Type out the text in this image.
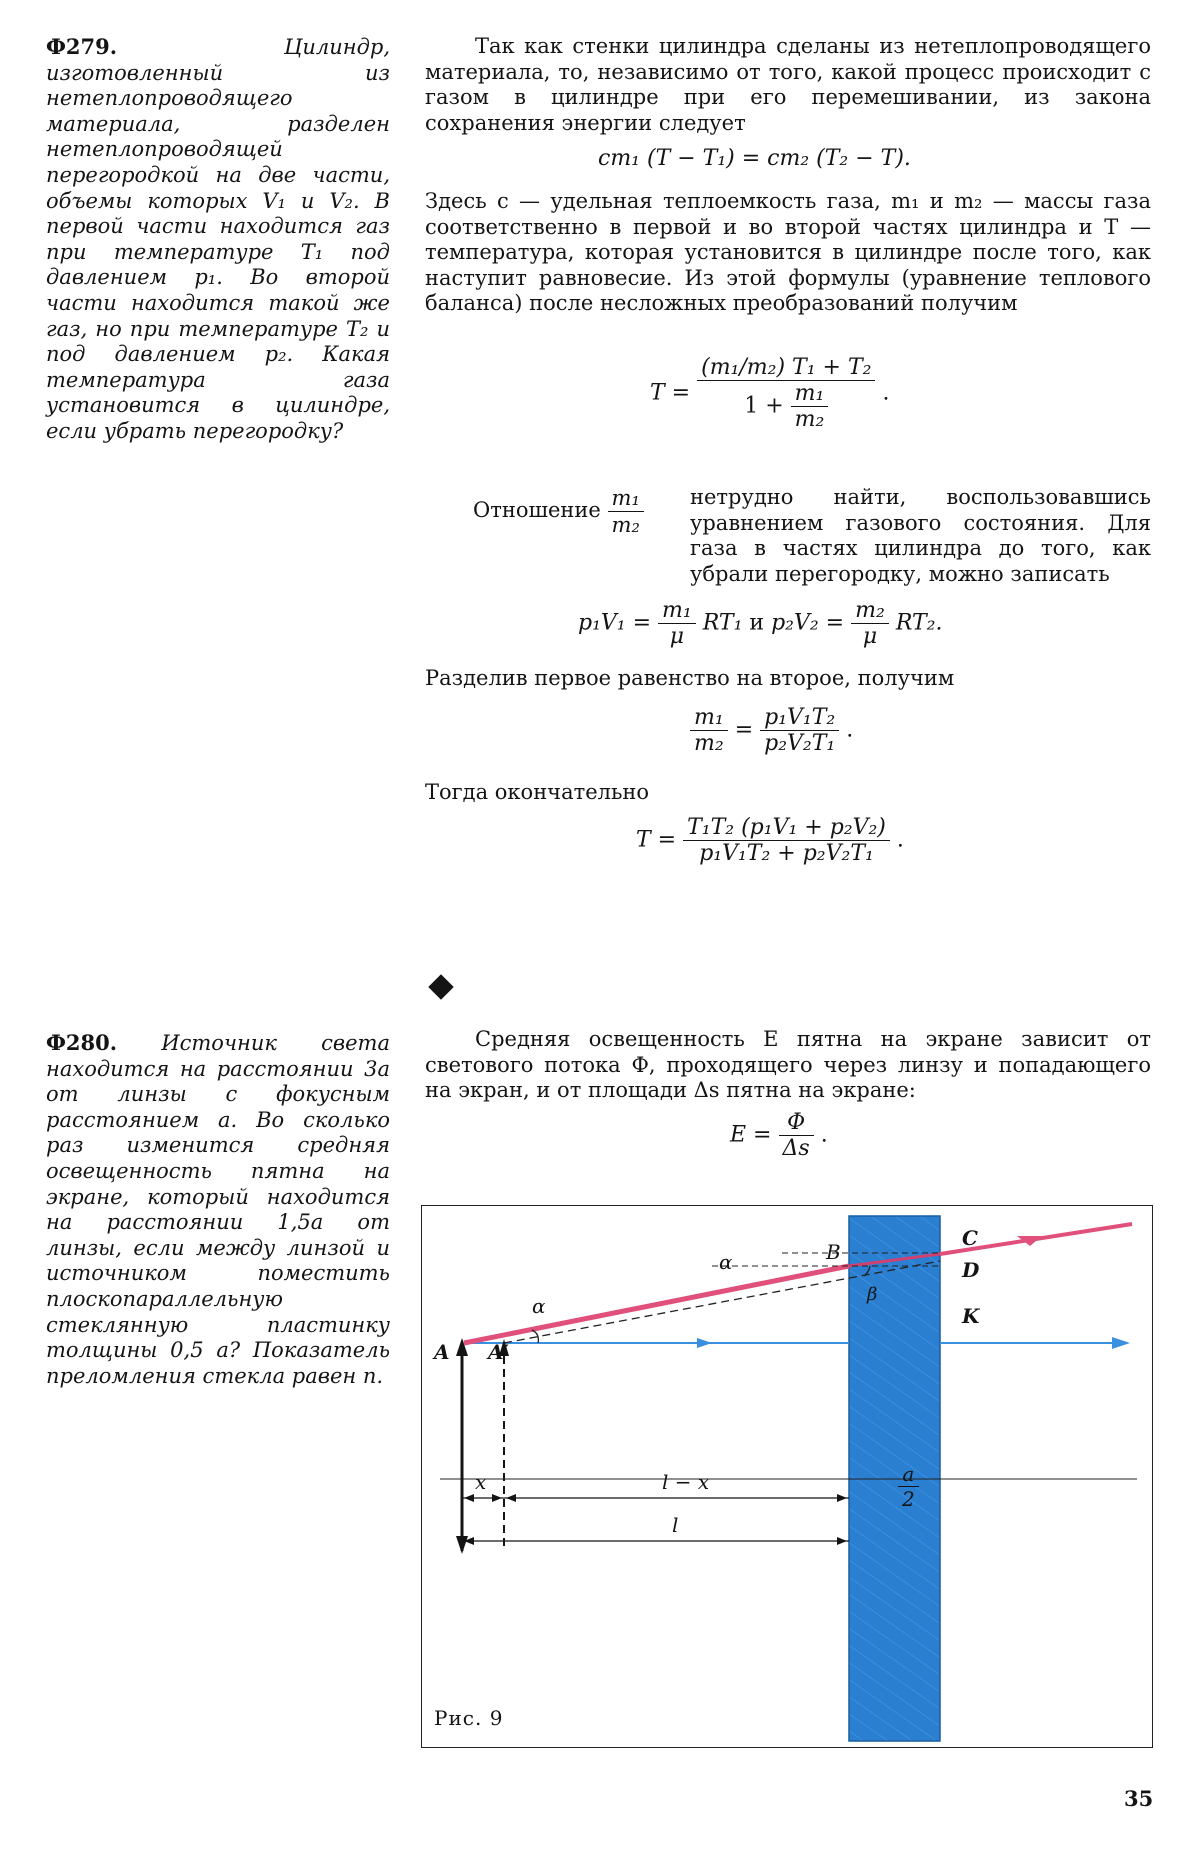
Ф279.	Цилиндр, изготовленный из нетеплопроводящего материала, разделен нетеплопроводящей перегородкой на две части, объемы которых V₁ и V₂. В первой части находится газ при температуре T₁ под давлением p₁. Во второй части находится такой же газ, но при температуре T₂ и под давлением p₂. Какая температура газа установится в цилиндре, если убрать перегородку?
Так как стенки цилиндра сделаны из нетеплопроводящего материала, то, независимо от того, какой процесс происходит с газом в цилиндре при его перемешивании, из закона сохранения энергии следует
cm₁ (T − T₁) = cm₂ (T₂ − T).
Здесь c — удельная теплоемкость газа, m₁ и m₂ — массы газа соответственно в первой и во второй частях цилиндра и T — температура, которая установится в цилиндре после того, как наступит равновесие. Из этой формулы (уравнение теплового баланса) после несложных преобразований получим
$T = \frac{\text{(m₁/m₂) T₁ + T₂}}{1 + \frac{\text{m₁}}{\text{m₂}}}$ .
Отношение $\frac{\text{m₁}}{\text{m₂}}$ нетрудно найти, воспользовавшись уравнением газового состояния. Для газа в частях цилиндра до того, как убрали перегородку, можно записать
$p_1V_1 = \frac{\text{m₁}}{\mu} RT_1$ и $p_2V_2 = \frac{\text{m₂}}{\mu} RT_2$.
Разделив первое равенство на второе, получим
$\frac{\text{m₁}}{\text{m₂}} = \frac{\text{p₁V₁T₂}}{\text{p₂V₂T₁}}$ .
Тогда окончательно
$T = \frac{\text{T₁T₂ (p₁V₁ + p₂V₂)}}{\text{p₁V₁T₂ + p₂V₂T₁}}$ .
Ф280. Источник света находится на расстоянии 3a от линзы с фокусным расстоянием a. Во сколько раз изменится средняя освещенность пятна на экране, который находится на расстоянии 1,5a от линзы, если между линзой и источником поместить плоскопараллельную стеклянную пластинку толщины 0,5 a? Показатель преломления стекла равен n.
Средняя освещенность E пятна на экране зависит от светового потока Ф, проходящего через линзу и попадающего на экран, и от площади Δs пятна на экране:
$E = \frac{\Phi}{\Delta s}$ .
A A′
B
C
D
K
α
α	β
x	l − x
l
$\frac{a}{2}$
Рис. 9
35
